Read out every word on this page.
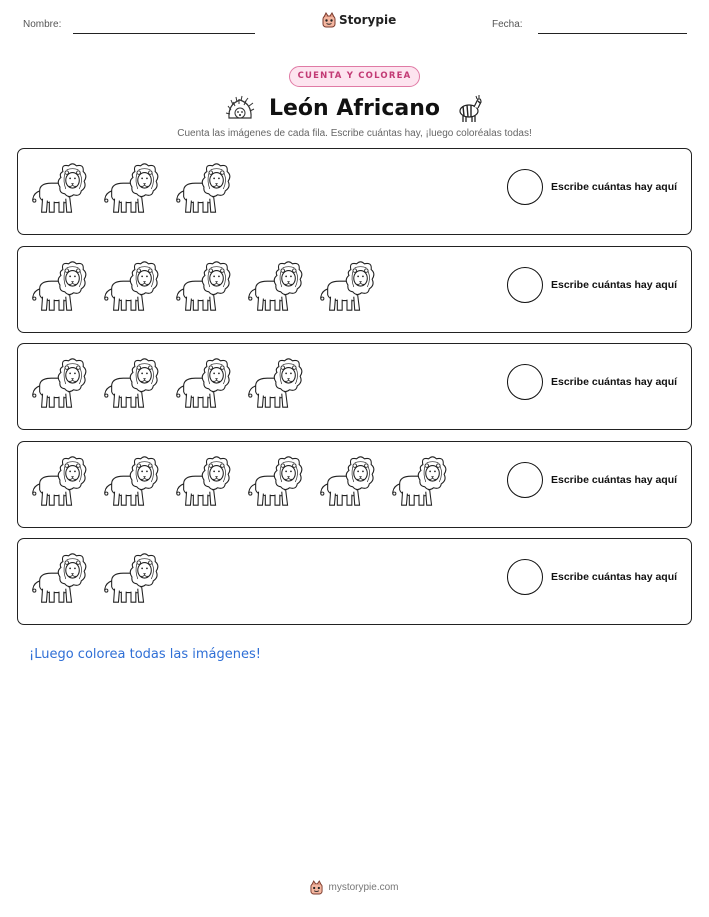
Nombre:	Storypie	Fecha:
CUENTA Y COLOREA
León Africano
Cuenta las imágenes de cada fila. Escribe cuántas hay, ¡luego coloréalas todas!
Escribe cuántas hay aquí
Escribe cuántas hay aquí
Escribe cuántas hay aquí
Escribe cuántas hay aquí
Escribe cuántas hay aquí
¡Luego colorea todas las imágenes!
mystorypie.com
